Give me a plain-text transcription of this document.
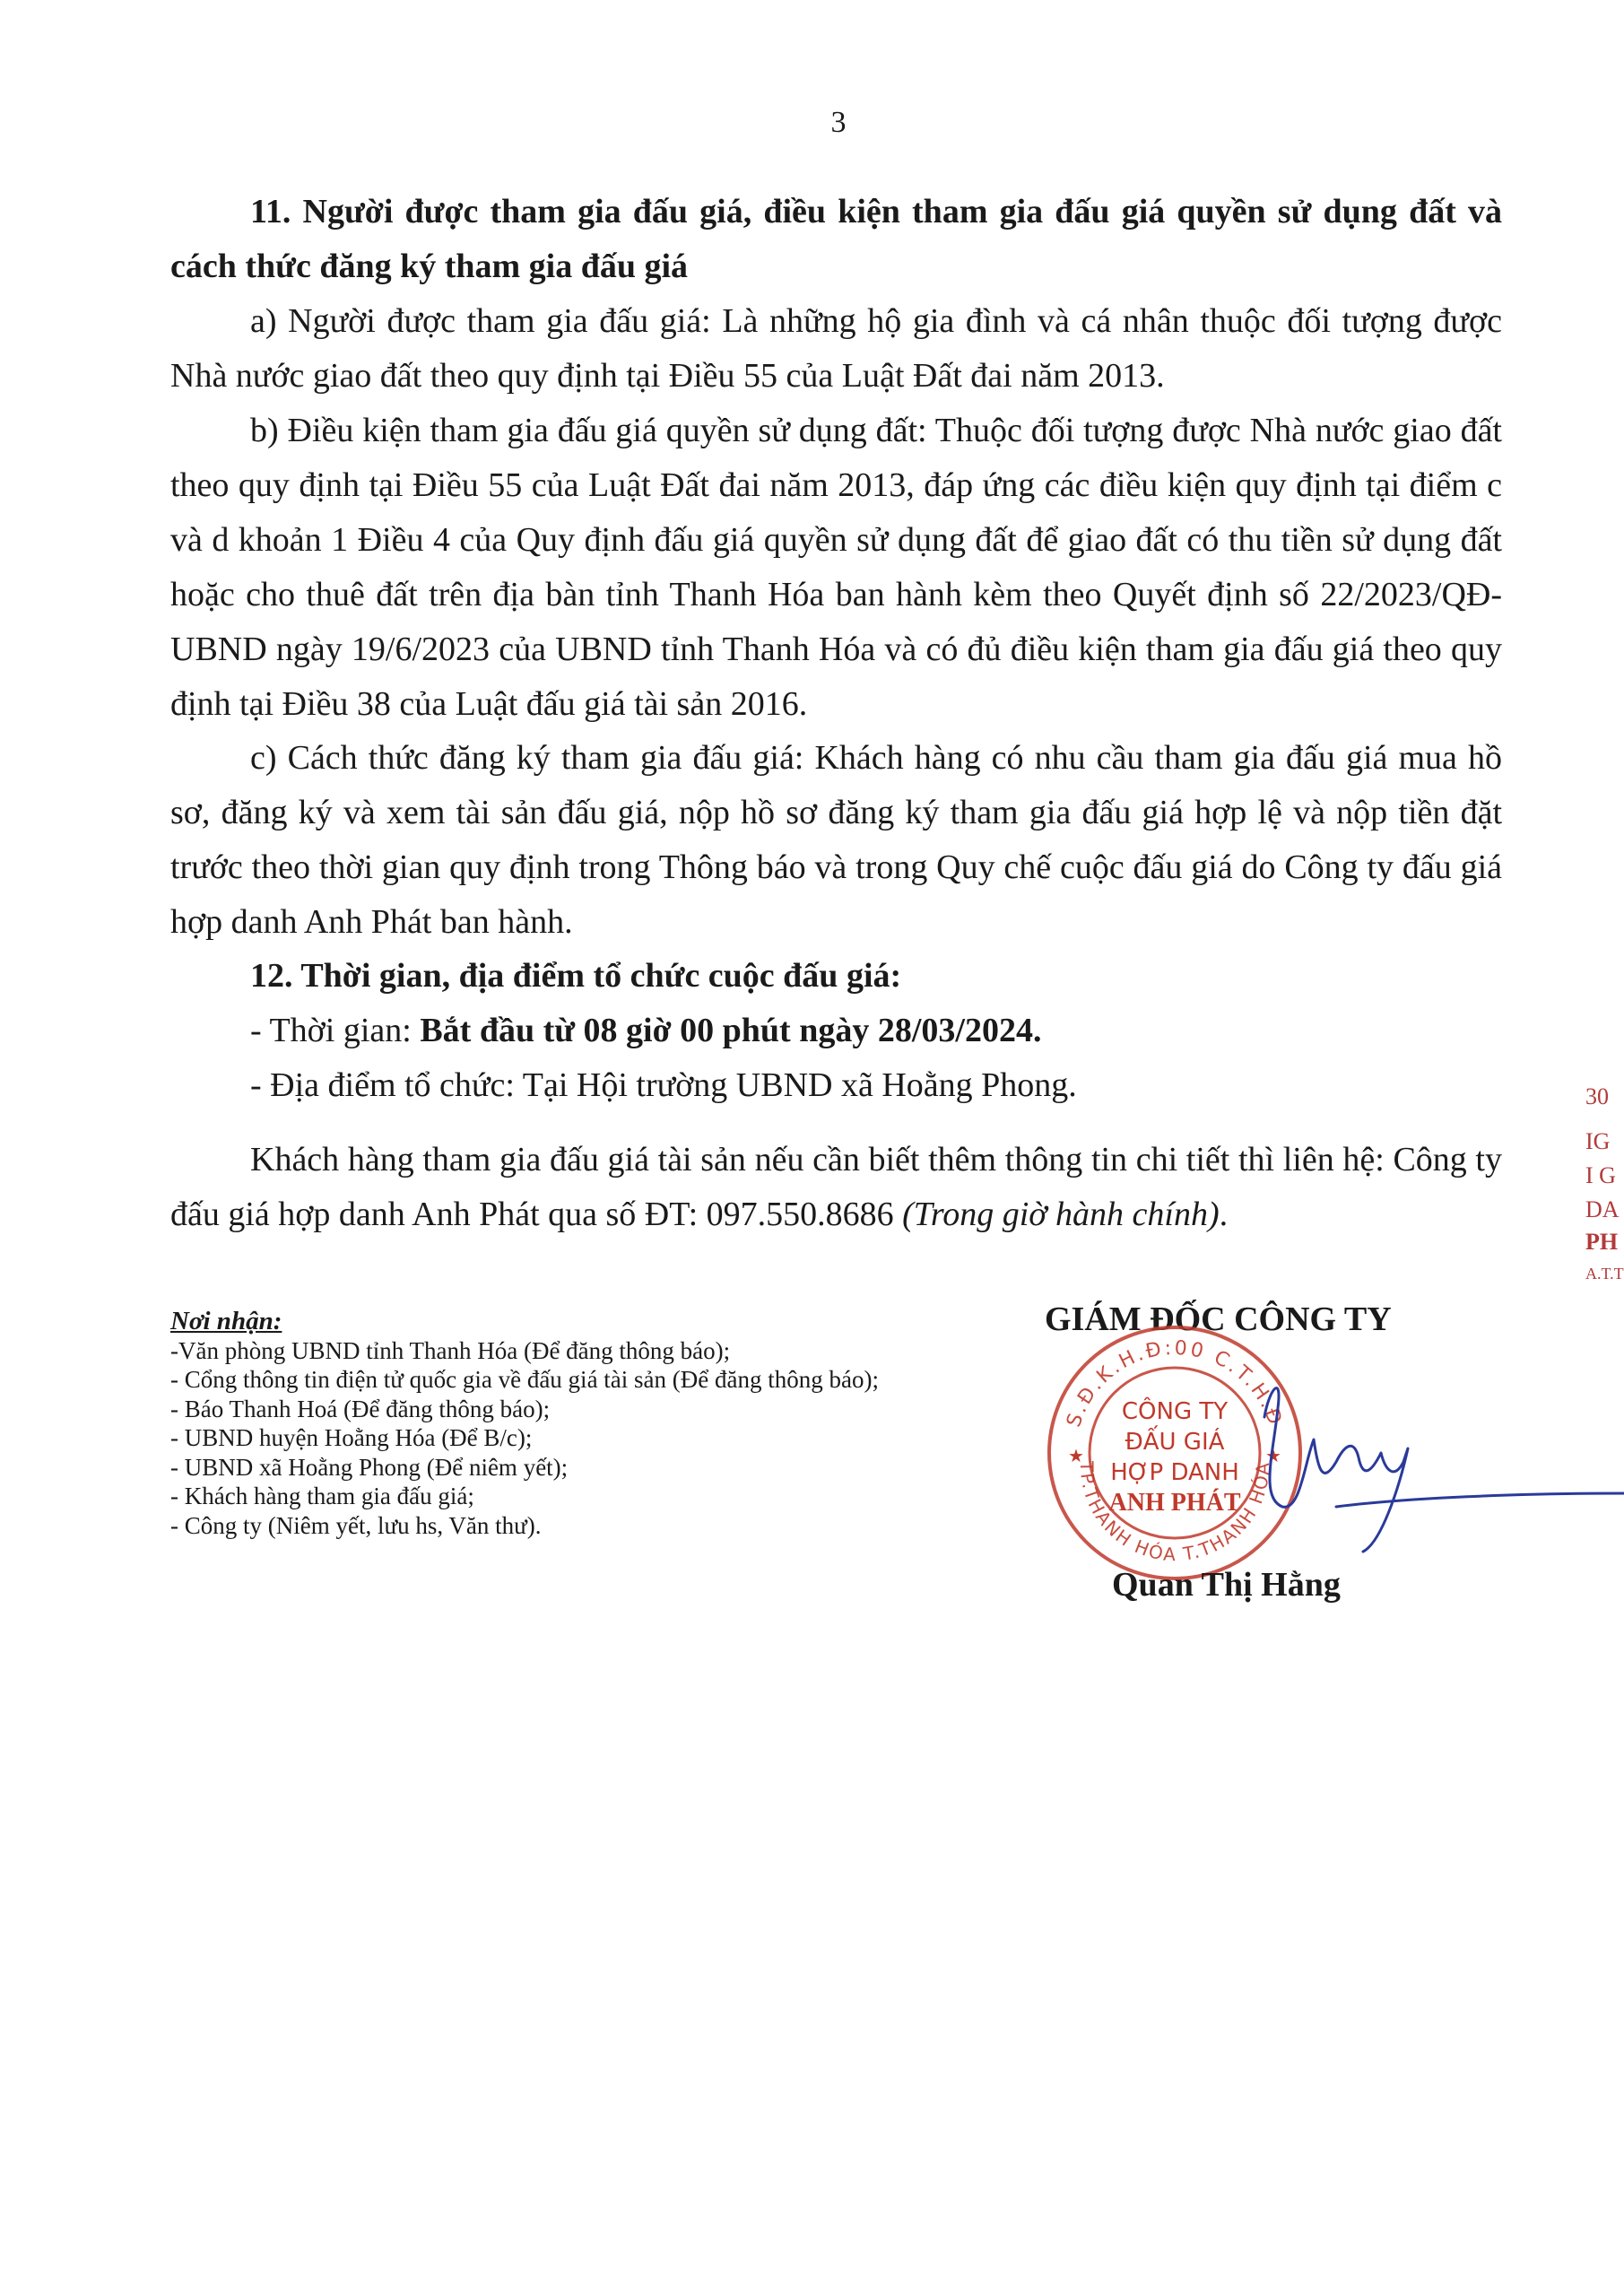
3
11. Người được tham gia đấu giá, điều kiện tham gia đấu giá quyền sử dụng đất và cách thức đăng ký tham gia đấu giá
a) Người được tham gia đấu giá: Là những hộ gia đình và cá nhân thuộc đối tượng được Nhà nước giao đất theo quy định tại Điều 55 của Luật Đất đai năm 2013.
b) Điều kiện tham gia đấu giá quyền sử dụng đất: Thuộc đối tượng được Nhà nước giao đất theo quy định tại Điều 55 của Luật Đất đai năm 2013, đáp ứng các điều kiện quy định tại điểm c và d khoản 1 Điều 4 của Quy định đấu giá quyền sử dụng đất để giao đất có thu tiền sử dụng đất hoặc cho thuê đất trên địa bàn tỉnh Thanh Hóa ban hành kèm theo Quyết định số 22/2023/QĐ-UBND ngày 19/6/2023 của UBND tỉnh Thanh Hóa và có đủ điều kiện tham gia đấu giá theo quy định tại Điều 38 của Luật đấu giá tài sản 2016.
c) Cách thức đăng ký tham gia đấu giá: Khách hàng có nhu cầu tham gia đấu giá mua hồ sơ, đăng ký và xem tài sản đấu giá, nộp hồ sơ đăng ký tham gia đấu giá hợp lệ và nộp tiền đặt trước theo thời gian quy định trong Thông báo và trong Quy chế cuộc đấu giá do Công ty đấu giá hợp danh Anh Phát ban hành.
12. Thời gian, địa điểm tổ chức cuộc đấu giá:
- Thời gian: Bắt đầu từ 08 giờ 00 phút ngày 28/03/2024.
- Địa điểm tổ chức: Tại Hội trường UBND xã Hoằng Phong.
Khách hàng tham gia đấu giá tài sản nếu cần biết thêm thông tin chi tiết thì liên hệ: Công ty đấu giá hợp danh Anh Phát qua số ĐT: 097.550.8686 (Trong giờ hành chính).
Nơi nhận:
-Văn phòng UBND tỉnh Thanh Hóa (Để đăng thông báo);
- Cổng thông tin điện tử quốc gia về đấu giá tài sản (Để đăng thông báo);
- Báo Thanh Hoá (Để đăng thông báo);
- UBND huyện Hoằng Hóa (Để B/c);
- UBND xã Hoằng Phong (Để niêm yết);
- Khách hàng tham gia đấu giá;
- Công ty (Niêm yết, lưu hs, Văn thư).
GIÁM ĐỐC CÔNG TY
S.Đ.K.H.Đ:00 C.T.H.Đ
TP.THANH HÓA T.THANH HÓA
★	★
CÔNG TY
ĐẤU GIÁ
HỢP DANH
ANH PHÁT
Quan Thị Hằng
30
IG
I G
DA
PH
A.T.T
